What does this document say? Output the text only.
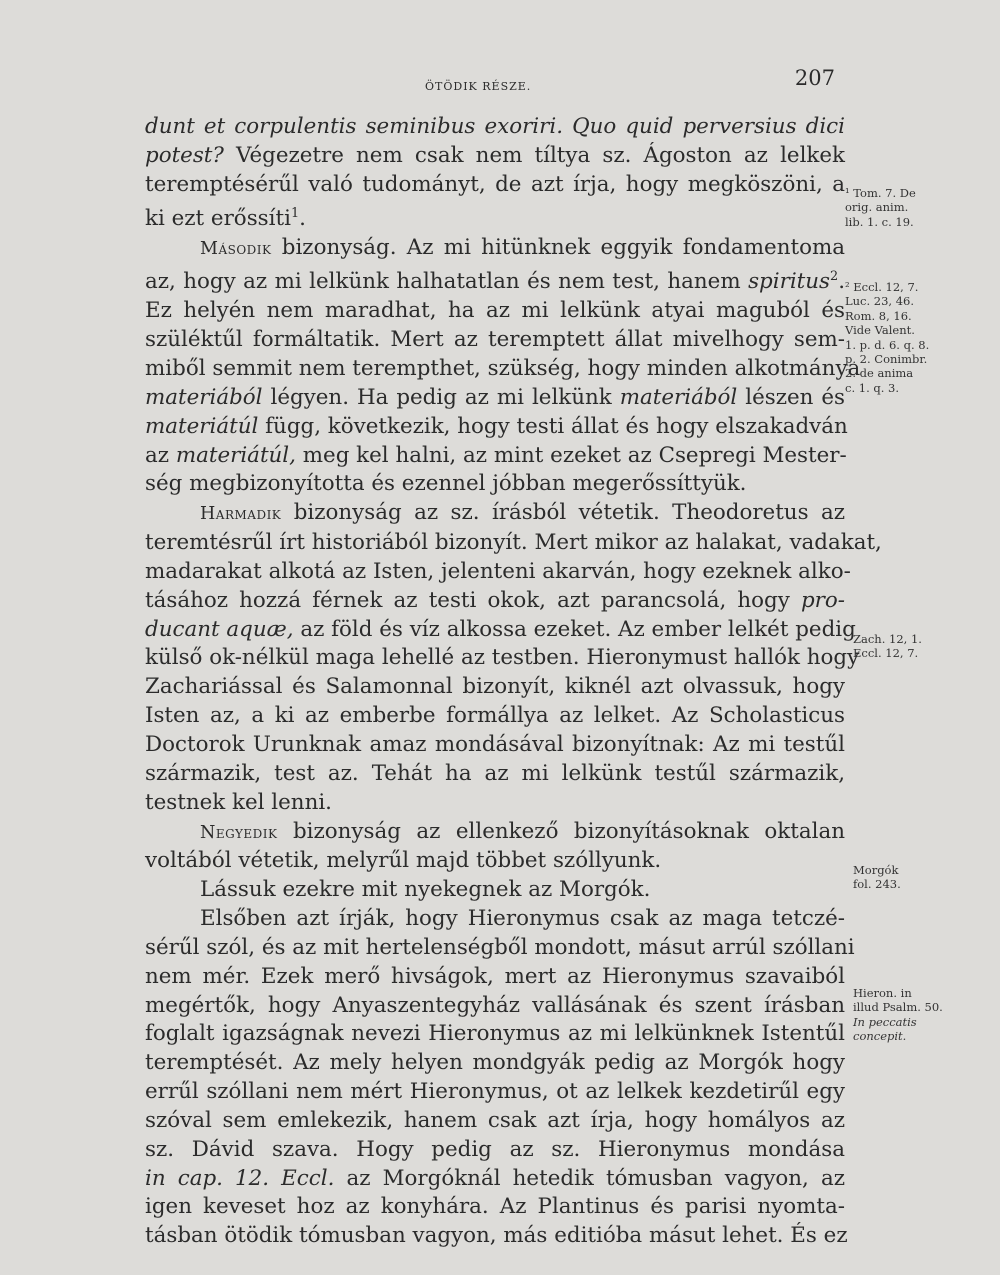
ÖTÖDIK RÉSZE.	207
dunt et corpulentis seminibus exoriri. Quo quid perversius dici
potest? Végezetre nem csak nem tíltya sz. Ágoston az lelkek
teremptésérűl való tudományt, de azt írja, hogy megköszöni, a
ki ezt erőssíti$^1$.
Második bizonyság. Az mi hitünknek eggyik fondamentoma
az, hogy az mi lelkünk halhatatlan és nem test, hanem spiritus$^2$.
Ez helyén nem maradhat, ha az mi lelkünk atyai maguból és
szüléktűl formáltatik. Mert az teremptett állat mivelhogy sem-
miből semmit nem terempthet, szükség, hogy minden alkotmánya
materiából légyen. Ha pedig az mi lelkünk materiából lészen és
materiátúl függ, következik, hogy testi állat és hogy elszakadván
az materiátúl, meg kel halni, az mint ezeket az Csepregi Mester-
ség megbizonyította és ezennel jóbban megerőssíttyük.
Harmadik bizonyság az sz. írásból vétetik. Theodoretus az
teremtésrűl írt historiából bizonyít. Mert mikor az halakat, vadakat,
madarakat alkotá az Isten, jelenteni akarván, hogy ezeknek alko-
tásához hozzá férnek az testi okok, azt parancsolá, hogy pro-
ducant aquæ, az föld és víz alkossa ezeket. Az ember lelkét pedig
külső ok-nélkül maga lehellé az testben. Hieronymust hallók hogy
Zachariással és Salamonnal bizonyít, kiknél azt olvassuk, hogy
Isten az, a ki az emberbe formállya az lelket. Az Scholasticus
Doctorok Urunknak amaz mondásával bizonyítnak: Az mi testűl
származik, test az. Tehát ha az mi lelkünk testűl származik,
testnek kel lenni.
Negyedik bizonyság az ellenkező bizonyításoknak oktalan
voltából vétetik, melyrűl majd többet szóllyunk.
Lássuk ezekre mit nyekegnek az Morgók.
Elsőben azt írják, hogy Hieronymus csak az maga tetczé-
sérűl szól, és az mit hertelenségből mondott, másut arrúl szóllani
nem mér. Ezek merő hivságok, mert az Hieronymus szavaiból
megértők, hogy Anyaszentegyház vallásának és szent írásban
foglalt igazságnak nevezi Hieronymus az mi lelkünknek Istentűl
teremptését. Az mely helyen mondgyák pedig az Morgók hogy
errűl szóllani nem mért Hieronymus, ot az lelkek kezdetirűl egy
szóval sem emlekezik, hanem csak azt írja, hogy homályos az
sz. Dávid szava. Hogy pedig az sz. Hieronymus mondása
in cap. 12. Eccl. az Morgóknál hetedik tómusban vagyon, az
igen keveset hoz az konyhára. Az Plantinus és parisi nyomta-
tásban ötödik tómusban vagyon, más editióba másut lehet. És ez
¹ Tom. 7. De
orig. anim.
lib. 1. c. 19.
² Eccl. 12, 7.
Luc. 23, 46.
Rom. 8, 16.
Vide Valent.
1. p. d. 6. q. 8.
p. 2. Conimbr.
2. de anima
c. 1. q. 3.
Zach. 12, 1.
Eccl. 12, 7.
Morgók
fol. 243.
Hieron. in
illud Psalm. 50.
In peccatis
concepit.
